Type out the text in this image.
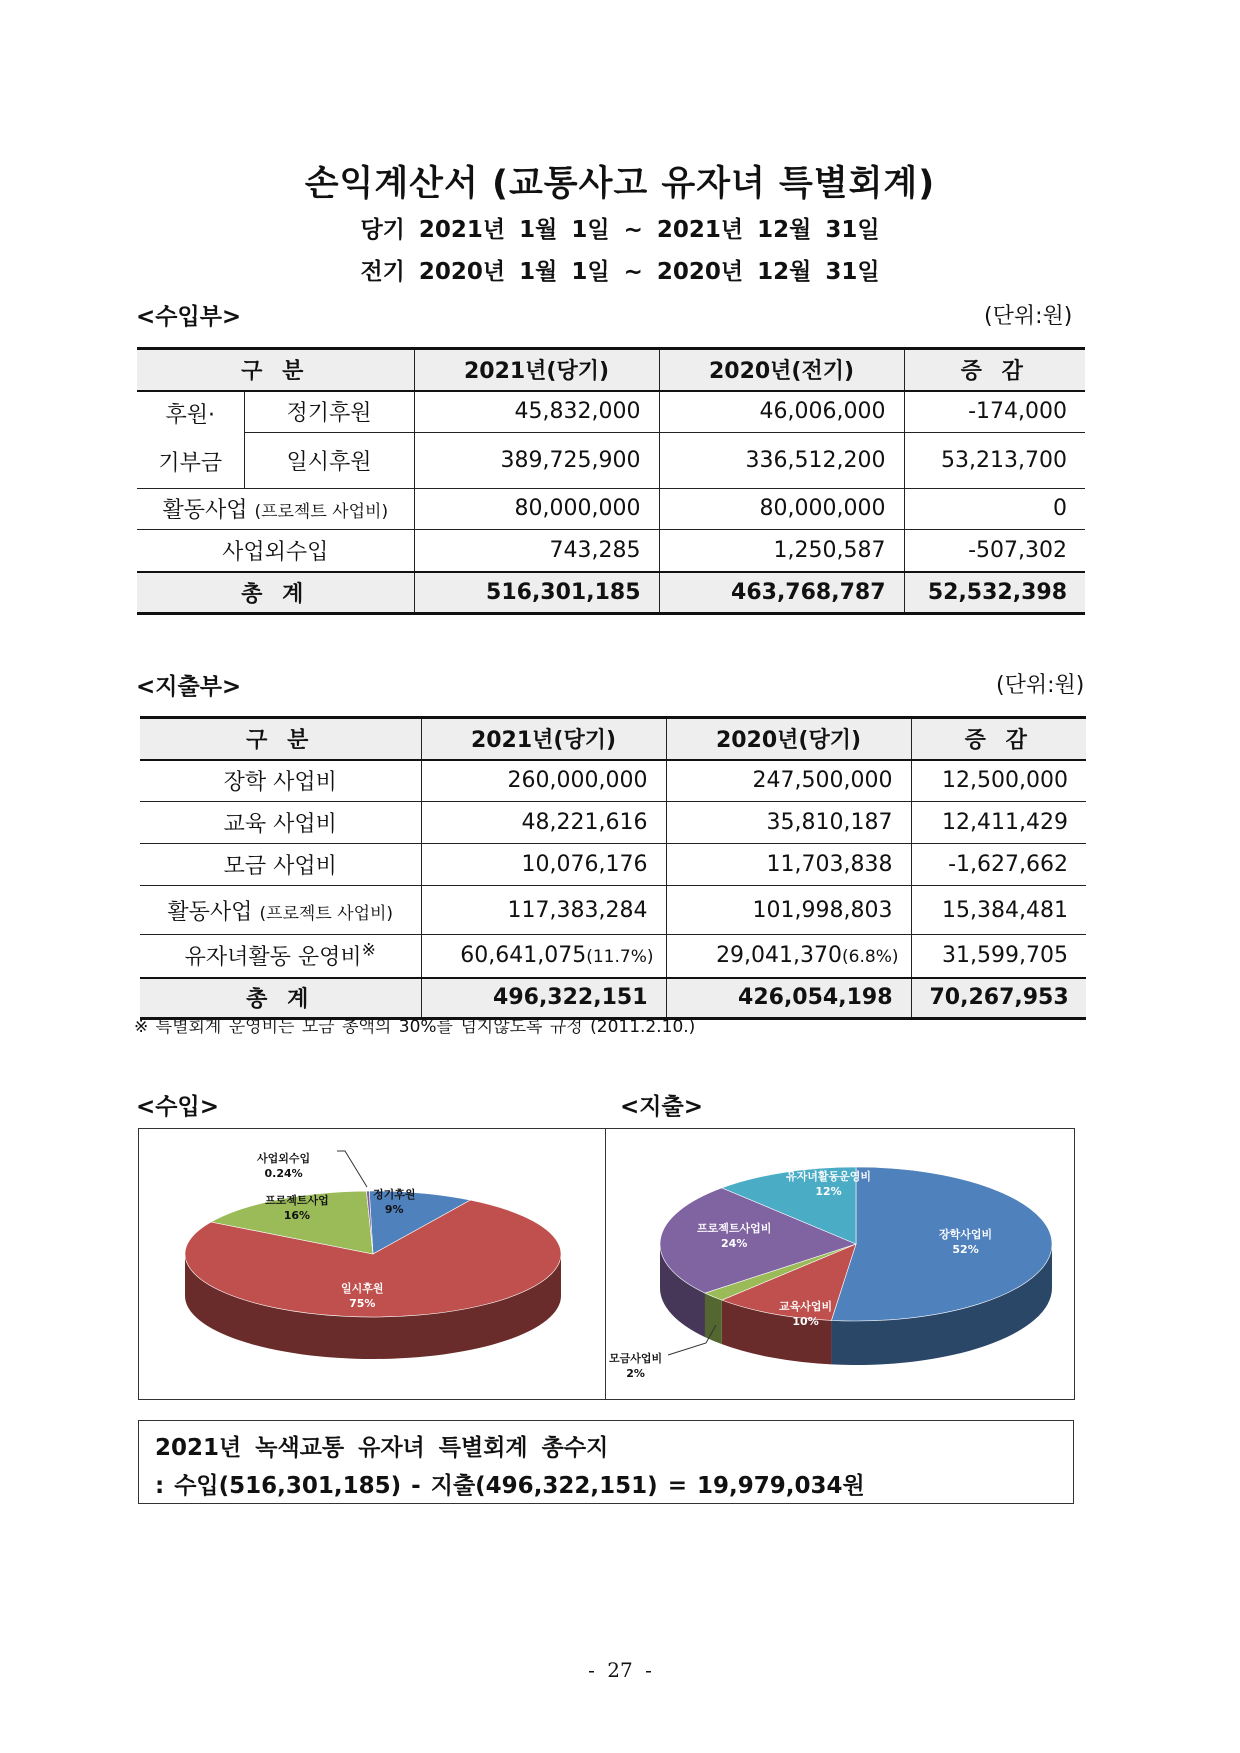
손익계산서 (교통사고 유자녀 특별회계)
당기 2021년 1월 1일 ~ 2021년 12월 31일
전기 2020년 1월 1일 ~ 2020년 12월 31일
<수입부>	(단위:원)
구 분		2021년(당기)	2020년(전기)	증 감

후원·
기부금	정기후원	45,832,000	46,006,000	-174,000
	일시후원	389,725,900	336,512,200	53,213,700
활동사업 (프로젝트 사업비)		80,000,000	80,000,000	0
사업외수입		743,285	1,250,587	-507,302
총 계		516,301,185	463,768,787	52,532,398
<지출부>	(단위:원)
구 분	2021년(당기)	2020년(당기)	증 감
장학 사업비	260,000,000	247,500,000	12,500,000
교육 사업비	48,221,616	35,810,187	12,411,429
모금 사업비	10,076,176	11,703,838	-1,627,662
활동사업 (프로젝트 사업비)	117,383,284	101,998,803	15,384,481
유자녀활동 운영비※	60,641,075(11.7%)	29,041,370(6.8%)	31,599,705
총 계	496,322,151	426,054,198	70,267,953
※ 특별회계 운영비는 모금 총액의 30%를 넘지않도록 규정 (2011.2.10.)
<수입>	<지출>
사업외수입
0.24%
정기후원
9%
프로젝트사업
16%
일시후원
75%
유자녀활동운영비
12%
프로젝트사업비
24%
장학사업비
52%
교육사업비
10%
모금사업비
2%
2021년 녹색교통 유자녀 특별회계 총수지
: 수입(516,301,185) - 지출(496,322,151) = 19,979,034원
- 27 -
